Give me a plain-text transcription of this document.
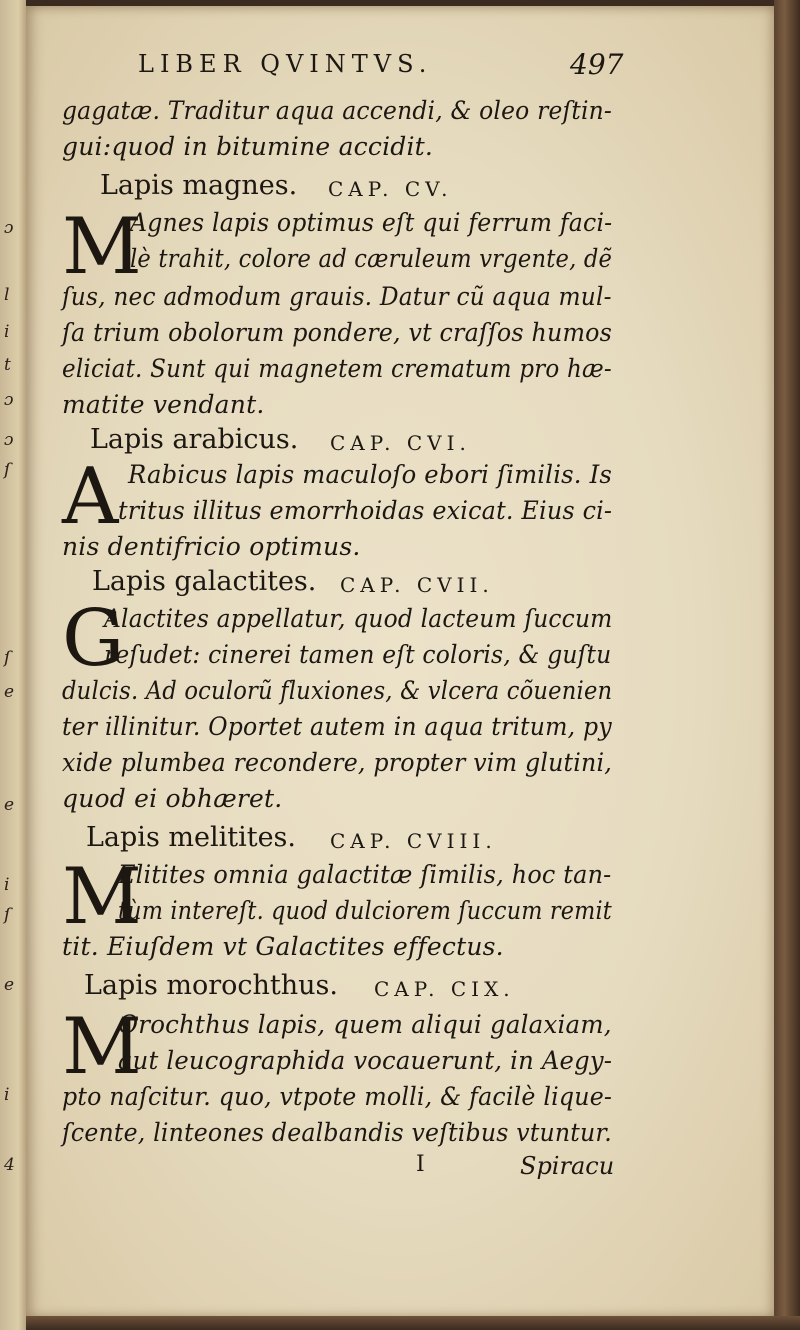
ɔ
l
i
t
ɔ
ɔ
ſ
ſ
e
e
i
ſ
e
i
4
LIBER QVINTVS.	497
gagatæ. Traditur aqua accendi, & oleo reſtin-
gui:quod in bitumine accidit.
Lapis magnes. CAP. CV.
M
Agnes lapis optimus eſt qui ferrum faci-
lè trahit, colore ad cæruleum vrgente, dẽ
ſus, nec admodum grauis. Datur cũ aqua mul-
ſa trium obolorum pondere, vt craſſos humos
eliciat. Sunt qui magnetem crematum pro hæ-
matite vendant.
Lapis arabicus. CAP. CVI.
A Rabicus lapis maculoſo ebori ſimilis. Is
tritus illitus emorrhoidas exicat. Eius ci-
nis dentifricio optimus.
Lapis galactites. CAP. CVII.
G
Alactites appellatur, quod lacteum ſuccum
reſudet: cinerei tamen eſt coloris, & guſtu
dulcis. Ad oculorũ fluxiones, & vlcera cõuenien
ter illinitur. Oportet autem in aqua tritum, py
xide plumbea recondere, propter vim glutini,
quod ei obhæret.
Lapis melitites. CAP. CVIII.
M
Elitites omnia galactitæ ſimilis, hoc tan-
tùm intereſt. quod dulciorem ſuccum remit
tit. Eiuſdem vt Galactites effectus.
Lapis morochthus. CAP. CIX.
M
Orochthus lapis, quem aliqui galaxiam,
aut leucographida vocauerunt, in Aegy-
pto naſcitur. quo, vtpote molli, & facilè lique-
ſcente, linteones dealbandis veſtibus vtuntur.
I	Spiracu
